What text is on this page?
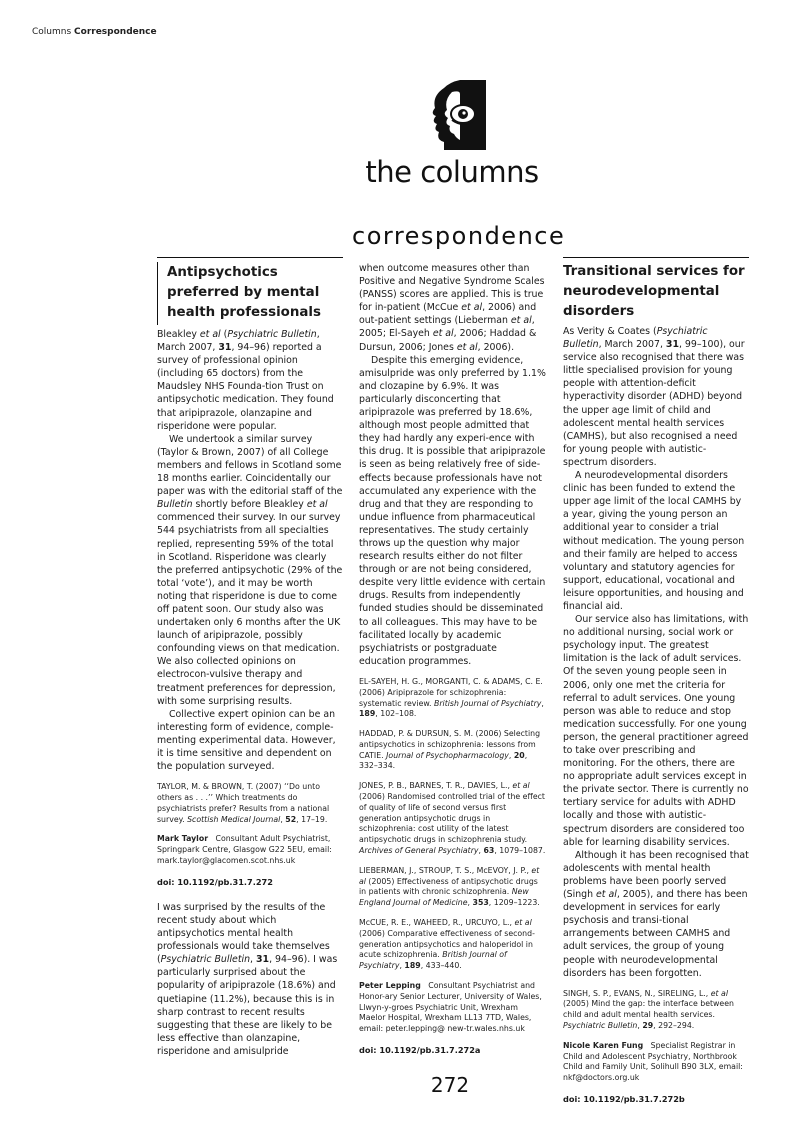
Columns Correspondence
the columns
correspondence
Antipsychotics preferred by mental health professionals

Bleakley et al (Psychiatric Bulletin, March 2007, 31, 94–96) reported a survey of professional opinion (including 65 doctors) from the Maudsley NHS Founda-tion Trust on antipsychotic medication. They found that aripiprazole, olanzapine and risperidone were popular.

We undertook a similar survey (Taylor & Brown, 2007) of all College members and fellows in Scotland some 18 months earlier. Coincidentally our paper was with the editorial staff of the Bulletin shortly before Bleakley et al commenced their survey. In our survey 544 psychiatrists from all specialties replied, representing 59% of the total in Scotland. Risperidone was clearly the preferred antipsychotic (29% of the total ‘vote’), and it may be worth noting that risperidone is due to come off patent soon. Our study also was undertaken only 6 months after the UK launch of aripiprazole, possibly confounding views on that medication. We also collected opinions on electrocon-vulsive therapy and treatment preferences for depression, with some surprising results.

Collective expert opinion can be an interesting form of evidence, comple-menting experimental data. However, it is time sensitive and dependent on the population surveyed.

TAYLOR, M. & BROWN, T. (2007) ‘‘Do unto others as . . .’’ Which treatments do psychiatrists prefer? Results from a national survey. Scottish Medical Journal, 52, 17–19.
Mark Taylor Consultant Adult Psychiatrist, Springpark Centre, Glasgow G22 5EU, email: mark.taylor@glacomen.scot.nhs.uk
doi: 10.1192/pb.31.7.272

I was surprised by the results of the recent study about which antipsychotics mental health professionals would take themselves (Psychiatric Bulletin, 31, 94–96). I was particularly surprised about the popularity of aripiprazole (18.6%) and quetiapine (11.2%), because this is in sharp contrast to recent results suggesting that these are likely to be less effective than olanzapine, risperidone and amisulpride

when outcome measures other than Positive and Negative Syndrome Scales (PANSS) scores are applied. This is true for in-patient (McCue et al, 2006) and out-patient settings (Lieberman et al, 2005; El-Sayeh et al, 2006; Haddad & Dursun, 2006; Jones et al, 2006).

Despite this emerging evidence, amisulpride was only preferred by 1.1% and clozapine by 6.9%. It was particularly disconcerting that aripiprazole was preferred by 18.6%, although most people admitted that they had hardly any experi-ence with this drug. It is possible that aripiprazole is seen as being relatively free of side-effects because professionals have not accumulated any experience with the drug and that they are responding to undue influence from pharmaceutical representatives. The study certainly throws up the question why major research results either do not filter through or are not being considered, despite very little evidence with certain drugs. Results from independently funded studies should be disseminated to all colleagues. This may have to be facilitated locally by academic psychiatrists or postgraduate education programmes.

EL-SAYEH, H. G., MORGANTI, C. & ADAMS, C. E. (2006) Aripiprazole for schizophrenia: systematic review. British Journal of Psychiatry, 189, 102–108.
HADDAD, P. & DURSUN, S. M. (2006) Selecting antipsychotics in schizophrenia: lessons from CATIE. Journal of Psychopharmacology, 20, 332–334.
JONES, P. B., BARNES, T. R., DAVIES, L., et al (2006) Randomised controlled trial of the effect of quality of life of second versus first generation antipsychotic drugs in schizophrenia: cost utility of the latest antipsychotic drugs in schizophrenia study. Archives of General Psychiatry, 63, 1079–1087.
LIEBERMAN, J., STROUP, T. S., McEVOY, J. P., et al (2005) Effectiveness of antipsychotic drugs in patients with chronic schizophrenia. New England Journal of Medicine, 353, 1209–1223.
McCUE, R. E., WAHEED, R., URCUYO, L., et al (2006) Comparative effectiveness of second-generation antipsychotics and haloperidol in acute schizophrenia. British Journal of Psychiatry, 189, 433–440.
Peter Lepping Consultant Psychiatrist and Honor-ary Senior Lecturer, University of Wales, Llwyn-y-groes Psychiatric Unit, Wrexham Maelor Hospital, Wrexham LL13 7TD, Wales, email: peter.lepping@ new-tr.wales.nhs.uk
doi: 10.1192/pb.31.7.272a
Transitional services for neurodevelopmental disorders

As Verity & Coates (Psychiatric Bulletin, March 2007, 31, 99–100), our service also recognised that there was little specialised provision for young people with attention-deficit hyperactivity disorder (ADHD) beyond the upper age limit of child and adolescent mental health services (CAMHS), but also recognised a need for young people with autistic-spectrum disorders.

A neurodevelopmental disorders clinic has been funded to extend the upper age limit of the local CAMHS by a year, giving the young person an additional year to consider a trial without medication. The young person and their family are helped to access voluntary and statutory agencies for support, educational, vocational and leisure opportunities, and housing and financial aid.

Our service also has limitations, with no additional nursing, social work or psychology input. The greatest limitation is the lack of adult services. Of the seven young people seen in 2006, only one met the criteria for referral to adult services. One young person was able to reduce and stop medication successfully. For one young person, the general practitioner agreed to take over prescribing and monitoring. For the others, there are no appropriate adult services except in the private sector. There is currently no tertiary service for adults with ADHD locally and those with autistic-spectrum disorders are considered too able for learning disability services.

Although it has been recognised that adolescents with mental health problems have been poorly served (Singh et al, 2005), and there has been development in services for early psychosis and transi-tional arrangements between CAMHS and adult services, the group of young people with neurodevelopmental disorders has been forgotten.

SINGH, S. P., EVANS, N., SIRELING, L., et al (2005) Mind the gap: the interface between child and adult mental health services. Psychiatric Bulletin, 29, 292–294.
Nicole Karen Fung Specialist Registrar in Child and Adolescent Psychiatry, Northbrook Child and Family Unit, Solihull B90 3LX, email: nkf@doctors.org.uk
doi: 10.1192/pb.31.7.272b
272
